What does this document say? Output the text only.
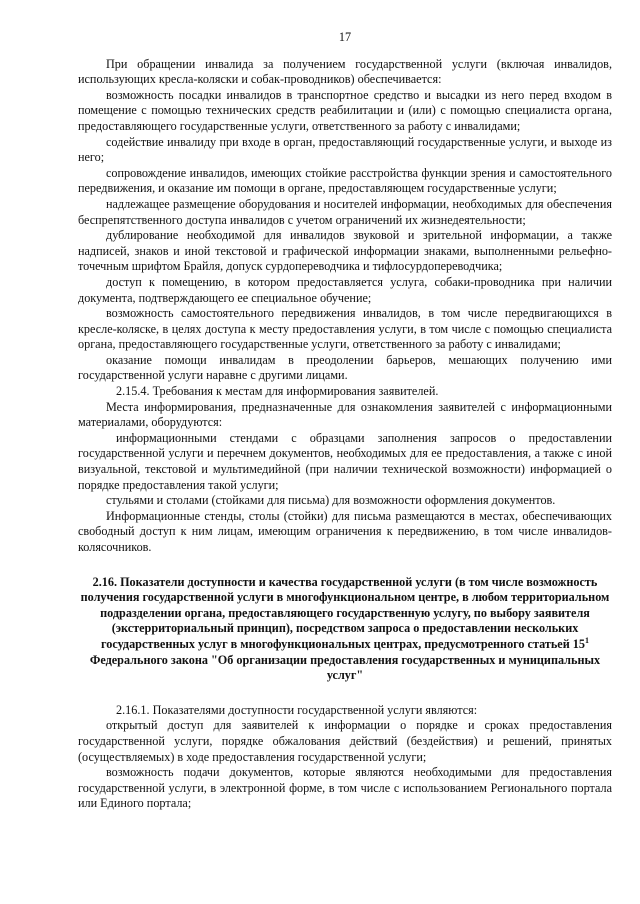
17

При обращении инвалида за получением государственной услуги (включая инвалидов, использующих кресла-коляски и собак-проводников) обеспечивается:

возможность посадки инвалидов в транспортное средство и высадки из него перед входом в помещение с помощью технических средств реабилитации и (или) с помощью специалиста органа, предоставляющего государственные услуги, ответственного за работу с инвалидами;

содействие инвалиду при входе в орган, предоставляющий государственные услуги, и выходе из него;

сопровождение инвалидов, имеющих стойкие расстройства функции зрения и самостоятельного передвижения, и оказание им помощи в органе, предоставляющем государственные услуги;

надлежащее размещение оборудования и носителей информации, необходимых для обеспечения беспрепятственного доступа инвалидов с учетом ограничений их жизнедеятельности;

дублирование необходимой для инвалидов звуковой и зрительной информации, а также надписей, знаков и иной текстовой и графической информации знаками, выполненными рельефно-точечным шрифтом Брайля, допуск сурдопереводчика и тифлосурдопереводчика;

доступ к помещению, в котором предоставляется услуга, собаки-проводника при наличии документа, подтверждающего ее специальное обучение;

возможность самостоятельного передвижения инвалидов, в том числе передвигающихся в кресле-коляске, в целях доступа к месту предоставления услуги, в том числе с помощью специалиста органа, предоставляющего государственные услуги, ответственного за работу с инвалидами;

оказание помощи инвалидам в преодолении барьеров, мешающих получению ими государственной услуги наравне с другими лицами.

2.15.4. Требования к местам для информирования заявителей.

Места информирования, предназначенные для ознакомления заявителей с информационными материалами, оборудуются:

информационными стендами с образцами заполнения запросов о предоставлении государственной услуги и перечнем документов, необходимых для ее предоставления, а также с иной визуальной, текстовой и мультимедийной (при наличии технической возможности) информацией о порядке предоставления такой услуги;

стульями и столами (стойками для письма) для возможности оформления документов.

Информационные стенды, столы (стойки) для письма размещаются в местах, обеспечивающих свободный доступ к ним лицам, имеющим ограничения к передвижению, в том числе инвалидов-колясочников.

2.16. Показатели доступности и качества государственной услуги (в том числе возможность получения государственной услуги в многофункциональном центре, в любом территориальном подразделении органа, предоставляющего государственную услугу, по выбору заявителя (экстерриториальный принцип), посредством запроса о предоставлении нескольких государственных услуг в многофункциональных центрах, предусмотренного статьей $15^1$ Федерального закона "Об организации предоставления государственных и муниципальных услуг"

2.16.1. Показателями доступности государственной услуги являются:

открытый доступ для заявителей к информации о порядке и сроках предоставления государственной услуги, порядке обжалования действий (бездействия) и решений, принятых (осуществляемых) в ходе предоставления государственной услуги;

возможность подачи документов, которые являются необходимыми для предоставления государственной услуги, в электронной форме, в том числе с использованием Регионального портала или Единого портала;
